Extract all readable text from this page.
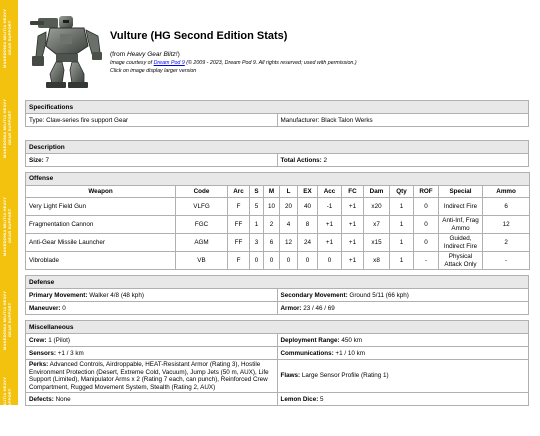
MAKEDONIA MILITIA HEAVY GEAR SUPPORT
MAKEDONIA MILITIA HEAVY GEAR SUPPORT
MAKEDONIA MILITIA HEAVY GEAR SUPPORT
MAKEDONIA MILITIA HEAVY GEAR SUPPORT
MAKEDONIA MILITIA HEAVY GEAR SUPPORT
Vulture (HG Second Edition Stats)
(from Heavy Gear Blitz!)
Image courtesy of Dream Pod 9 (© 2009 - 2023, Dream Pod 9. All rights reserved; used with permission.)
Click on image display larger version
Specifications
Type: Claw-series fire support Gear	Manufacturer: Black Talon Werks
Description
Size: 7	Total Actions: 2
Offense													
Weapon	Code	Arc	S	M	L	EX	Acc	FC	Dam	Qty	ROF	Special	Ammo
Very Light Field Gun	VLFG	F	5	10	20	40	-1	+1	x20	1	0	Indirect Fire	6
Fragmentation Cannon	FGC	FF	1	2	4	8	+1	+1	x7	1	0	Anti-Inf, Frag Ammo	12
Anti-Gear Missile Launcher	AGM	FF	3	6	12	24	+1	+1	x15	1	0	Guided, Indirect Fire	2
Vibroblade	VB	F	0	0	0	0	0	+1	x8	1	-	Physical Attack Only	-
Defense	
Primary Movement: Walker 4/8 (48 kph)	Secondary Movement: Ground 5/11 (66 kph)
Maneuver: 0	Armor: 23 / 46 / 69
Miscellaneous	
Crew: 1 (Pilot)	Deployment Range: 450 km
Sensors: +1 / 3 km	Communications: +1 / 10 km
Perks: Advanced Controls, Airdroppable, HEAT-Resistant Armor (Rating 3), Hostile Environment Protection (Desert, Extreme Cold, Vacuum), Jump Jets (50 m, AUX), Life Support (Limited), Manipulator Arms x 2 (Rating 7 each, can punch), Reinforced Crew Compartment, Rugged Movement System, Stealth (Rating 2, AUX)	Flaws: Large Sensor Profile (Rating 1)
Defects: None	Lemon Dice: 5
